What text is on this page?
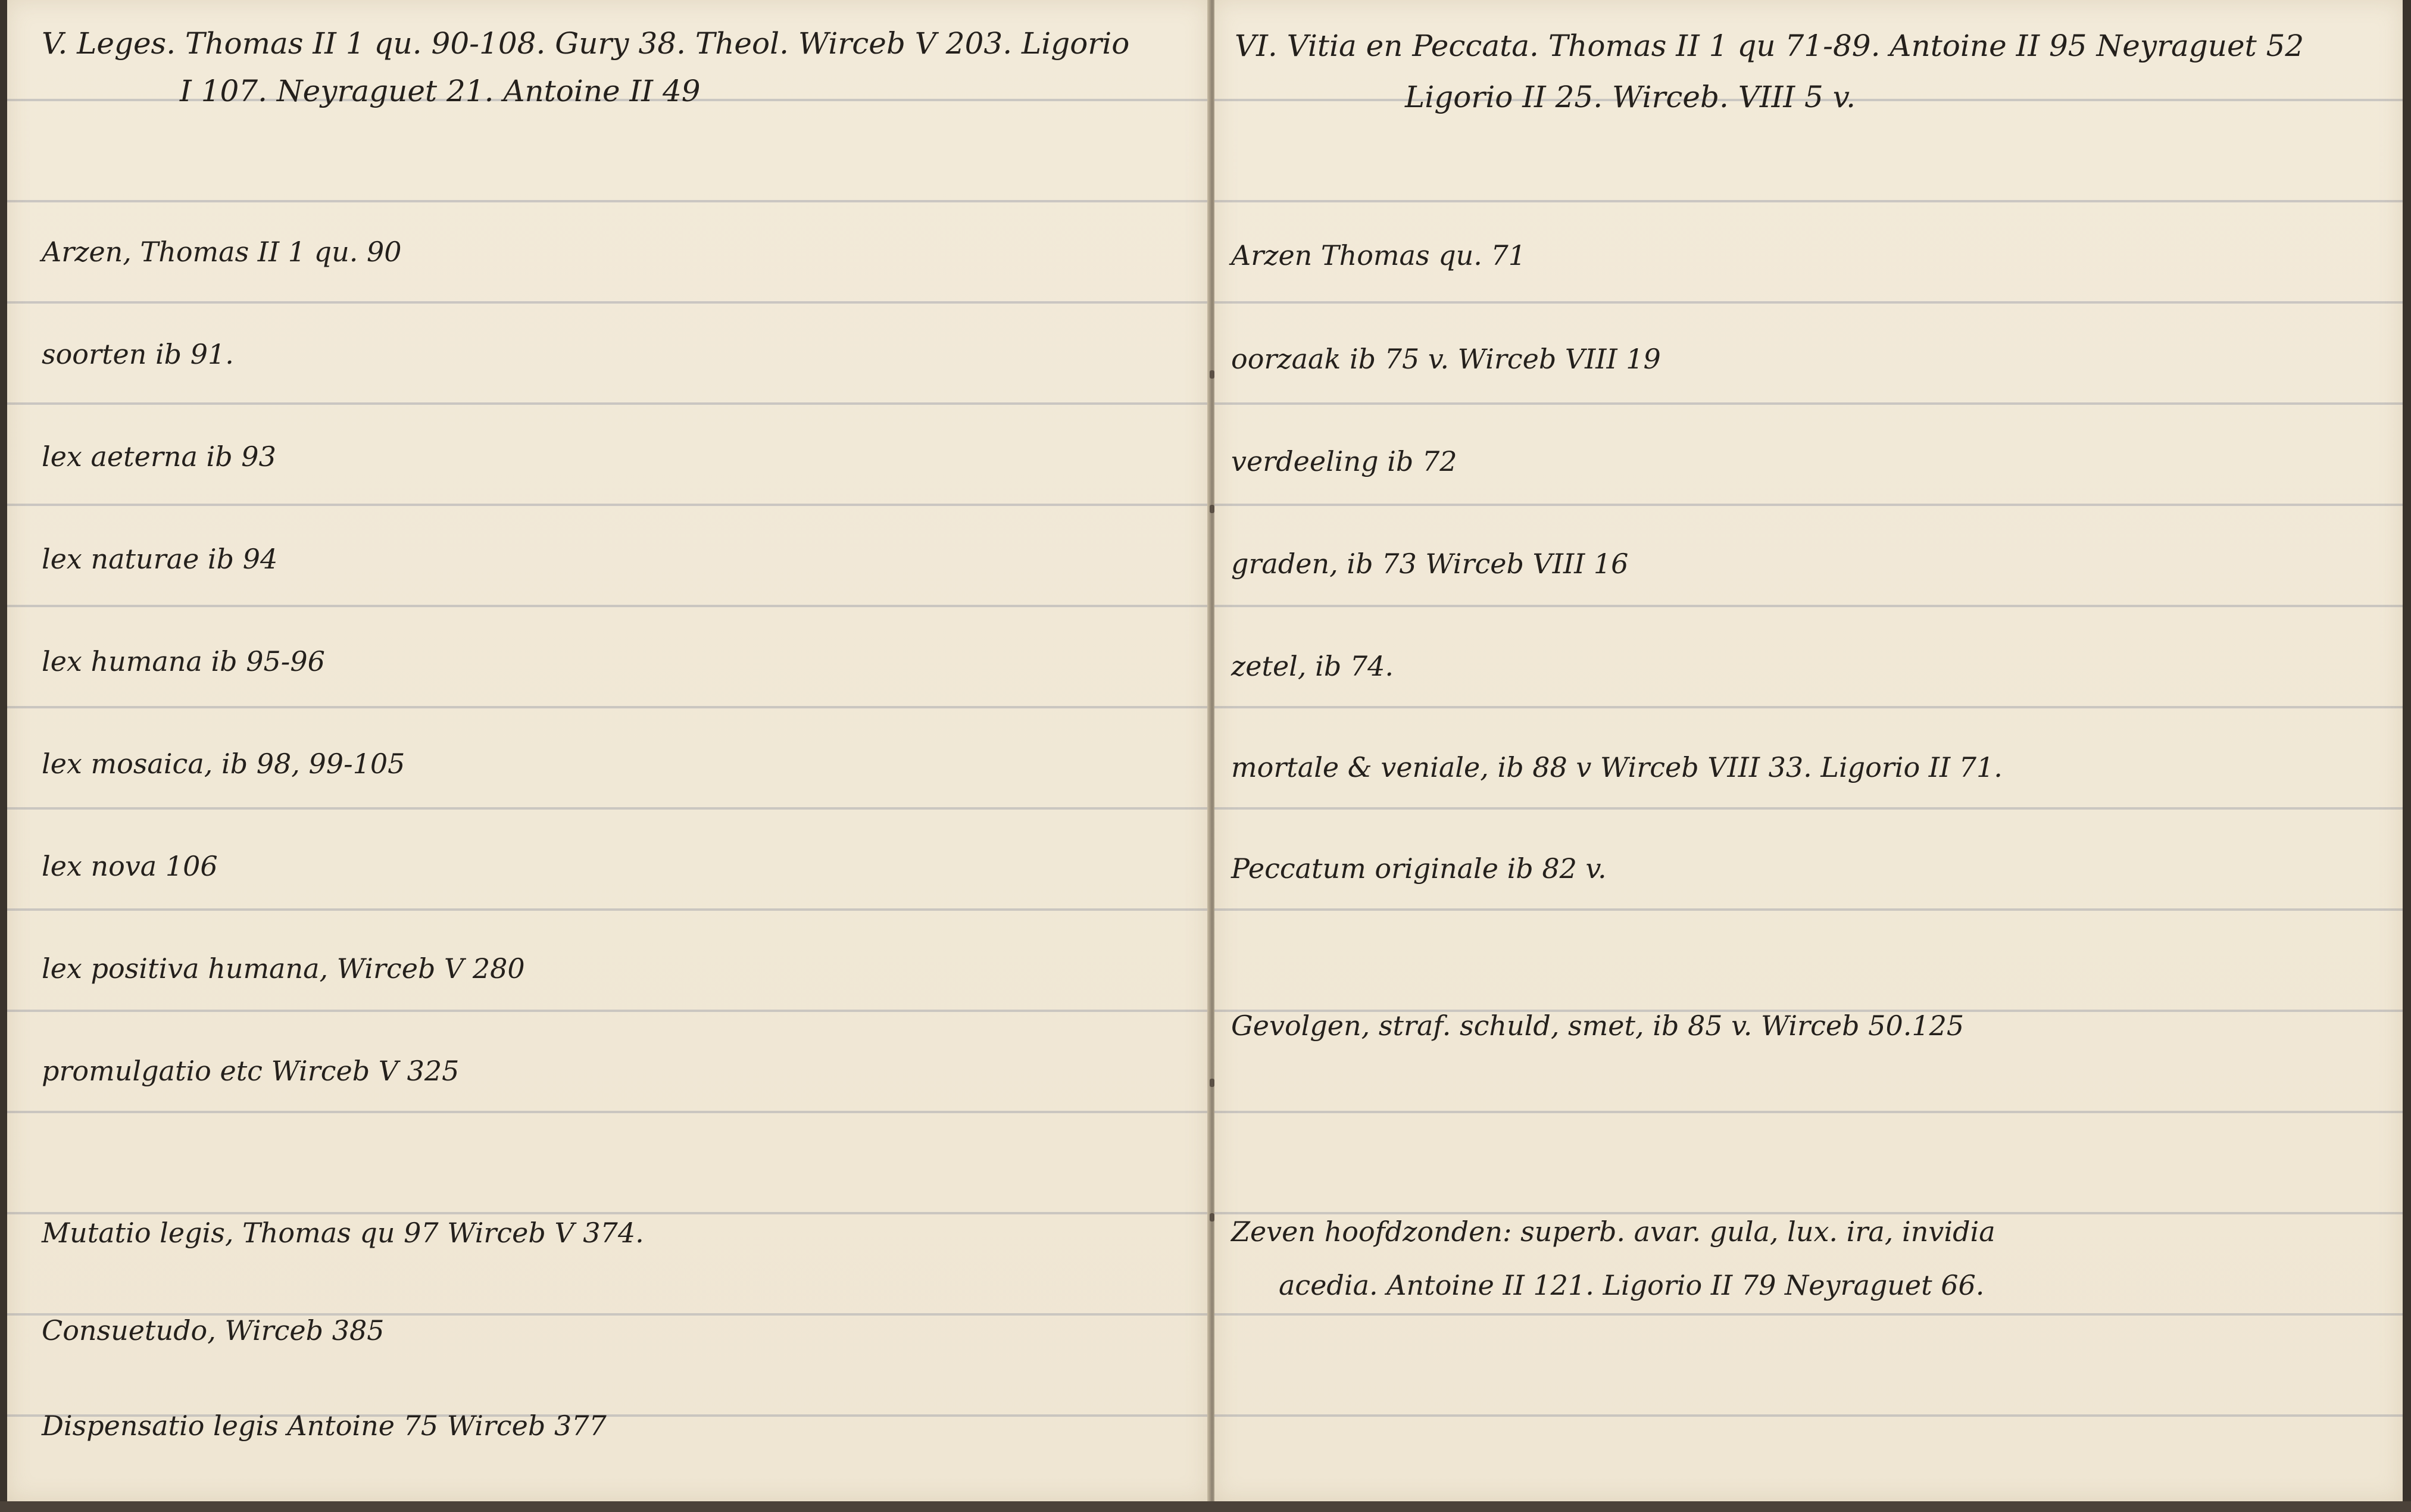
V. Leges. Thomas II 1 qu. 90-108. Gury 38. Theol. Wirceb V 203. Ligorio
I 107. Neyraguet 21. Antoine II 49
Arzen, Thomas II 1 qu. 90
soorten ib 91.
lex aeterna ib 93
lex naturae ib 94
lex humana ib 95-96
lex mosaica, ib 98, 99-105
lex nova 106
lex positiva humana, Wirceb V 280
promulgatio etc Wirceb V 325
Mutatio legis, Thomas qu 97 Wirceb V 374.
Consuetudo, Wirceb 385
Dispensatio legis Antoine 75 Wirceb 377
VI. Vitia en Peccata. Thomas II 1 qu 71-89. Antoine II 95 Neyraguet 52
Ligorio II 25. Wirceb. VIII 5 v.
Arzen Thomas qu. 71
oorzaak ib 75 v. Wirceb VIII 19
verdeeling ib 72
graden, ib 73 Wirceb VIII 16
zetel, ib 74.
mortale & veniale, ib 88 v Wirceb VIII 33. Ligorio II 71.
Peccatum originale ib 82 v.
Gevolgen, straf. schuld, smet, ib 85 v. Wirceb 50.125
Zeven hoofdzonden: superb. avar. gula, lux. ira, invidia
acedia. Antoine II 121. Ligorio II 79 Neyraguet 66.
